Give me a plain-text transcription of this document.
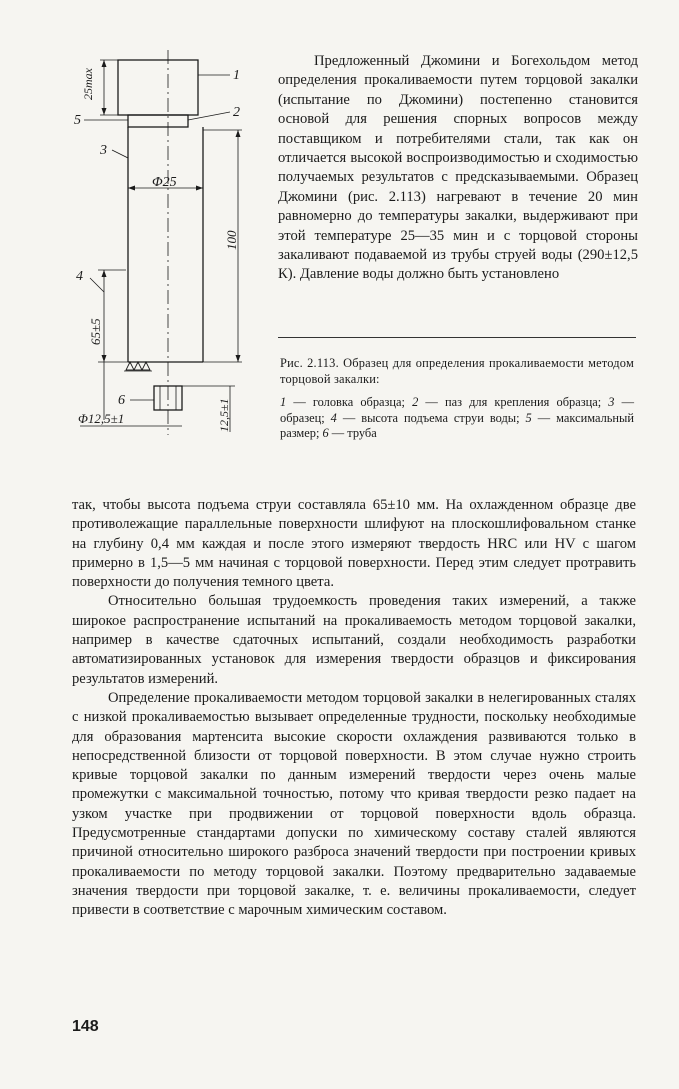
1
2
3
4
5
6
Φ25
Φ12,5±1
25max
100
65±5
12,5±1

Предложенный Джомини и Богехольдом метод определения прокаливаемости путем торцовой закалки (испытание по Джомини) постепенно становится основой для решения спорных вопросов между поставщиком и потребителями стали, так как он отличается высокой воспроизводимостью и сходимостью получаемых результатов с предсказываемыми. Образец Джомини (рис. 2.113) нагревают в течение 20 мин равномерно до температуры закалки, выдерживают при этой температуре 25—35 мин и с торцовой стороны закаливают подаваемой из трубы струей воды (290±12,5 К). Давление воды должно быть установлено

Рис. 2.113. Образец для определения прокаливаемости методом торцовой закалки:

1 — головка образца; 2 — паз для крепления образца; 3 — образец; 4 — высота подъема струи воды; 5 — максимальный размер; 6 — труба

так, чтобы высота подъема струи составляла 65±10 мм. На охлажденном образце две противолежащие параллельные поверхности шлифуют на плоскошлифовальном станке на глубину 0,4 мм каждая и после этого измеряют твердость HRC или HV с шагом примерно в 1,5—5 мм начиная с торцовой поверхности. Перед этим следует протравить поверхности до получения темного цвета.

Относительно большая трудоемкость проведения таких измерений, а также широкое распространение испытаний на прокаливаемость методом торцовой закалки, например в качестве сдаточных испытаний, создали необходимость разработки автоматизированных установок для измерения твердости образцов и фиксирования результатов измерений.

Определение прокаливаемости методом торцовой закалки в нелегированных сталях с низкой прокаливаемостью вызывает определенные трудности, поскольку необходимые для образования мартенсита высокие скорости охлаждения развиваются только в непосредственной близости от торцовой поверхности. В этом случае нужно строить кривые торцовой закалки по данным измерений твердости через очень малые промежутки с максимальной точностью, потому что кривая твердости резко падает на узком участке при продвижении от торцовой поверхности вдоль образца. Предусмотренные стандартами допуски по химическому составу сталей являются причиной относительно широкого разброса значений твердости при построении кривых прокаливаемости по методу торцовой закалки. Поэтому предварительно задаваемые значения твердости при торцовой закалке, т. е. величины прокаливаемости, следует привести в соответствие с марочным химическим составом.

148
